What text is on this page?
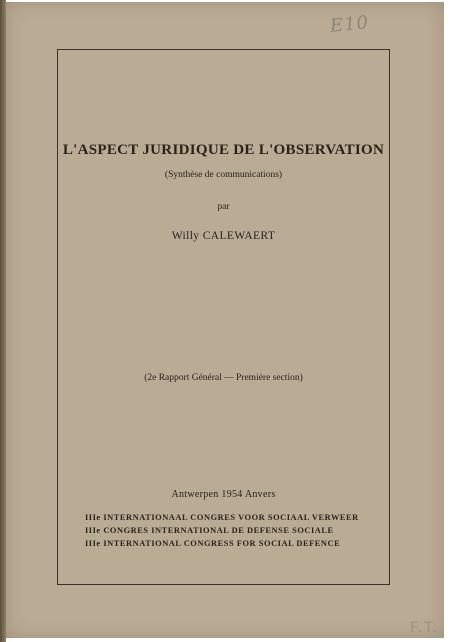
E10
L'ASPECT JURIDIQUE DE L'OBSERVATION
(Synthèse de communications)
par
Willy CALEWAERT
(2e Rapport Général — Première section)
Antwerpen 1954 Anvers
IIIe INTERNATIONAAL CONGRES VOOR SOCIAAL VERWEER
IIIe CONGRES INTERNATIONAL DE DEFENSE SOCIALE
IIIe INTERNATIONAL CONGRESS FOR SOCIAL DEFENCE
F.T.
